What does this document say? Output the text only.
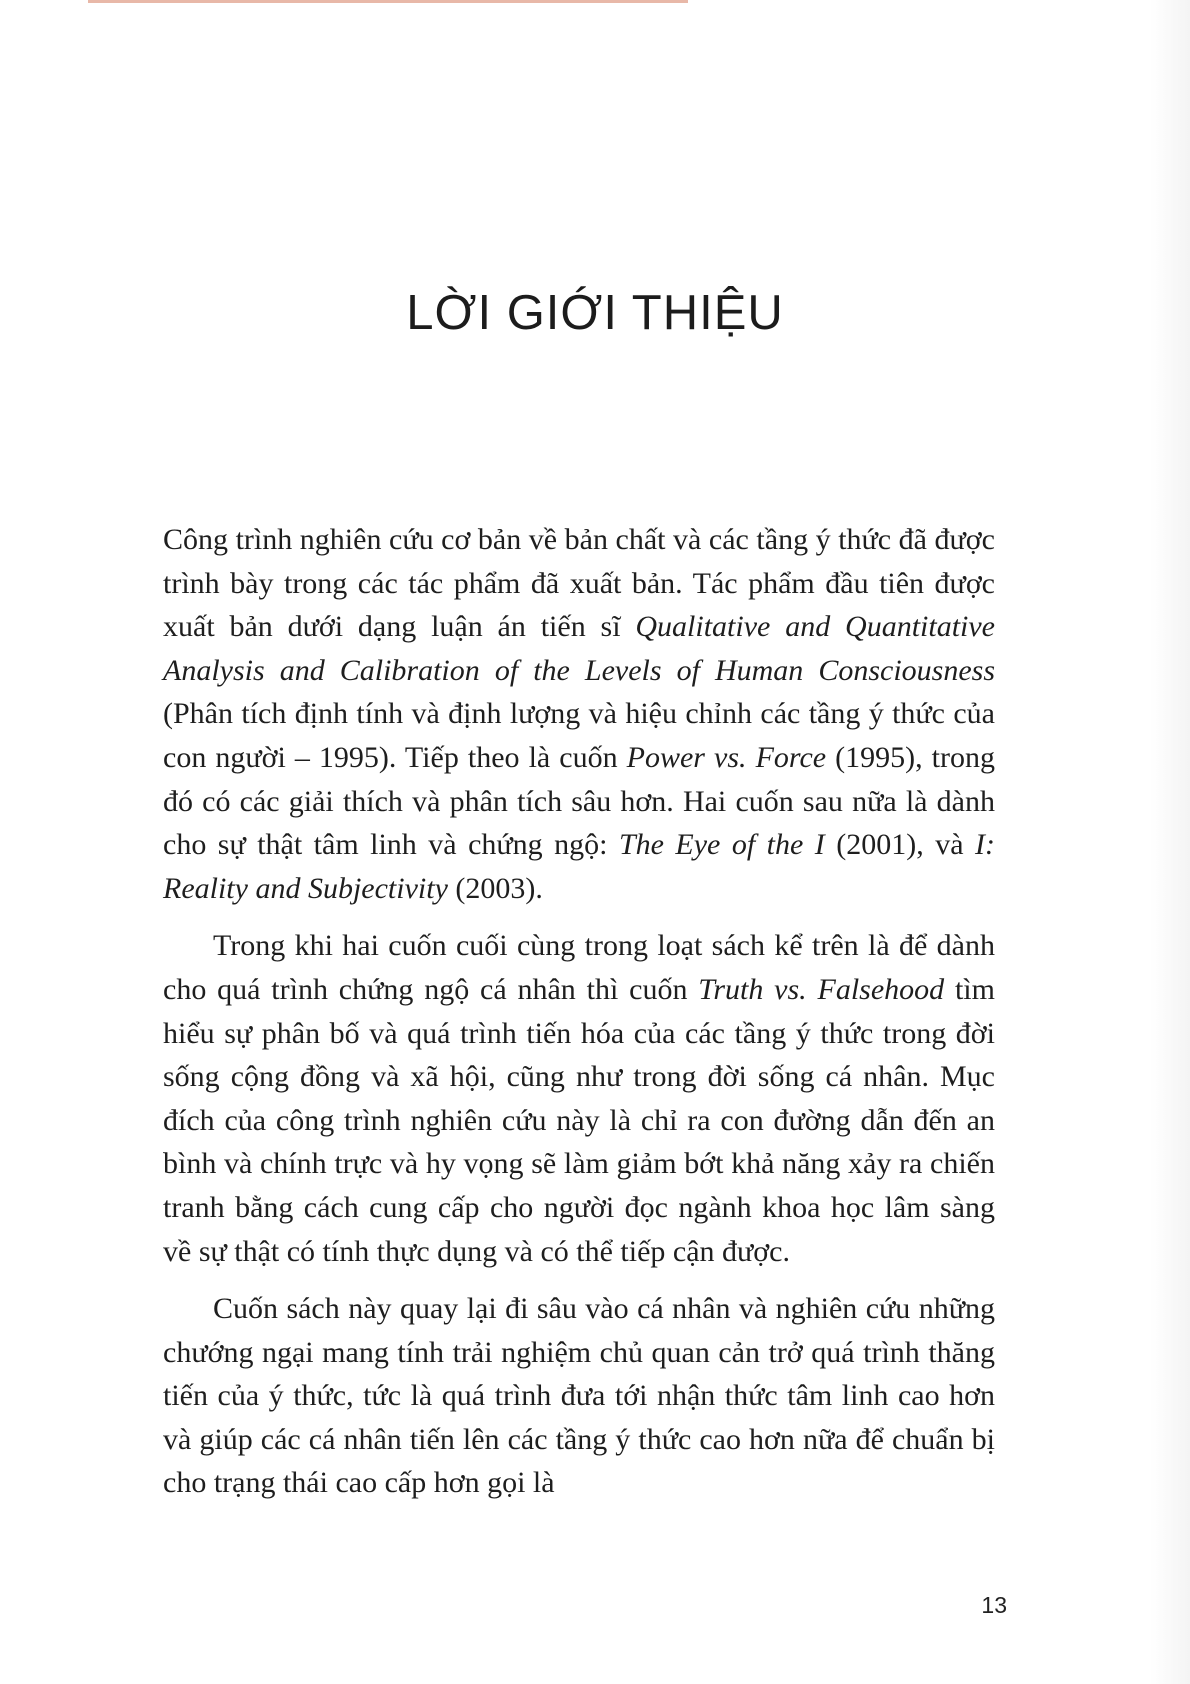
LỜI GIỚI THIỆU

Công trình nghiên cứu cơ bản về bản chất và các tầng ý thức đã được trình bày trong các tác phẩm đã xuất bản. Tác phẩm đầu tiên được xuất bản dưới dạng luận án tiến sĩ Qualitative and Quantitative Analysis and Calibration of the Levels of Human Consciousness (Phân tích định tính và định lượng và hiệu chỉnh các tầng ý thức của con người – 1995). Tiếp theo là cuốn Power vs. Force (1995), trong đó có các giải thích và phân tích sâu hơn. Hai cuốn sau nữa là dành cho sự thật tâm linh và chứng ngộ: The Eye of the I (2001), và I: Reality and Subjectivity (2003).

Trong khi hai cuốn cuối cùng trong loạt sách kể trên là để dành cho quá trình chứng ngộ cá nhân thì cuốn Truth vs. Falsehood tìm hiểu sự phân bố và quá trình tiến hóa của các tầng ý thức trong đời sống cộng đồng và xã hội, cũng như trong đời sống cá nhân. Mục đích của công trình nghiên cứu này là chỉ ra con đường dẫn đến an bình và chính trực và hy vọng sẽ làm giảm bớt khả năng xảy ra chiến tranh bằng cách cung cấp cho người đọc ngành khoa học lâm sàng về sự thật có tính thực dụng và có thể tiếp cận được.

Cuốn sách này quay lại đi sâu vào cá nhân và nghiên cứu những chướng ngại mang tính trải nghiệm chủ quan cản trở quá trình thăng tiến của ý thức, tức là quá trình đưa tới nhận thức tâm linh cao hơn và giúp các cá nhân tiến lên các tầng ý thức cao hơn nữa để chuẩn bị cho trạng thái cao cấp hơn gọi là

13
